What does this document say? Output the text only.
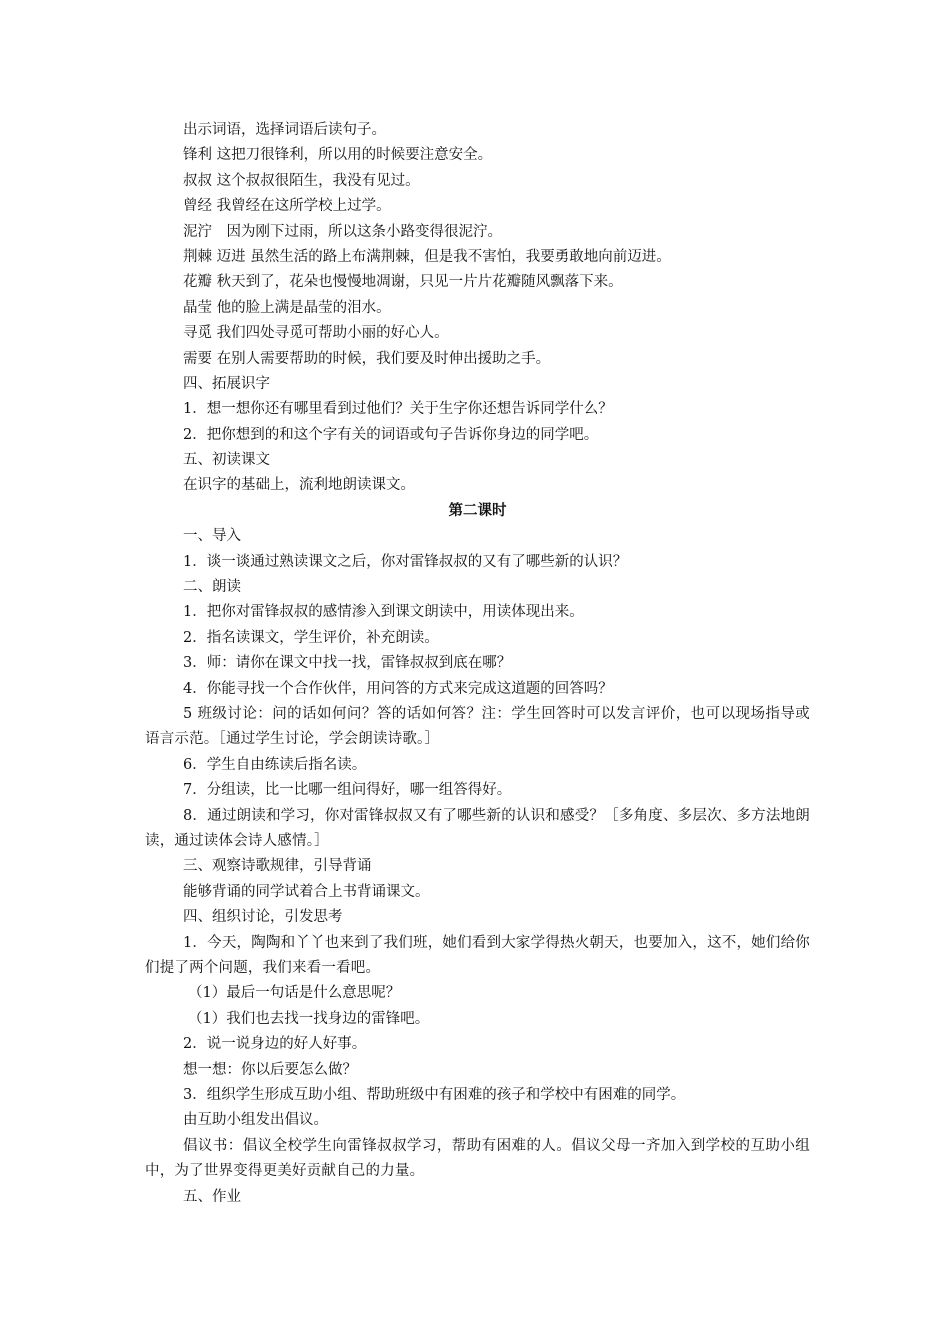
出示词语，选择词语后读句子。
锋利 这把刀很锋利，所以用的时候要注意安全。
叔叔 这个叔叔很陌生，我没有见过。
曾经 我曾经在这所学校上过学。
泥泞　因为刚下过雨，所以这条小路变得很泥泞。
荆棘 迈进 虽然生活的路上布满荆棘，但是我不害怕，我要勇敢地向前迈进。
花瓣 秋天到了，花朵也慢慢地凋谢，只见一片片花瓣随风飘落下来。
晶莹 他的脸上满是晶莹的泪水。
寻觅 我们四处寻觅可帮助小丽的好心人。
需要 在别人需要帮助的时候，我们要及时伸出援助之手。
四、拓展识字
1．想一想你还有哪里看到过他们？关于生字你还想告诉同学什么？
2．把你想到的和这个字有关的词语或句子告诉你身边的同学吧。
五、初读课文
在识字的基础上，流利地朗读课文。
第二课时
一、导入
1．谈一谈通过熟读课文之后，你对雷锋叔叔的又有了哪些新的认识？
二、朗读
1．把你对雷锋叔叔的感情渗入到课文朗读中，用读体现出来。
2．指名读课文，学生评价，补充朗读。
3．师：请你在课文中找一找，雷锋叔叔到底在哪？
4．你能寻找一个合作伙伴，用问答的方式来完成这道题的回答吗？
5 班级讨论：问的话如何问？答的话如何答？注：学生回答时可以发言评价，也可以现场指导或语言示范。［通过学生讨论，学会朗读诗歌。］
6．学生自由练读后指名读。
7．分组读，比一比哪一组问得好，哪一组答得好。
8．通过朗读和学习，你对雷锋叔叔又有了哪些新的认识和感受？［多角度、多层次、多方法地朗读，通过读体会诗人感情。］
三、观察诗歌规律，引导背诵
能够背诵的同学试着合上书背诵课文。
四、组织讨论，引发思考
1．今天，陶陶和丫丫也来到了我们班，她们看到大家学得热火朝天，也要加入，这不，她们给你们提了两个问题，我们来看一看吧。
（1）最后一句话是什么意思呢？
（1）我们也去找一找身边的雷锋吧。
2．说一说身边的好人好事。
想一想：你以后要怎么做？
3．组织学生形成互助小组、帮助班级中有困难的孩子和学校中有困难的同学。
由互助小组发出倡议。
倡议书：倡议全校学生向雷锋叔叔学习，帮助有困难的人。倡议父母一齐加入到学校的互助小组中，为了世界变得更美好贡献自己的力量。
五、作业
